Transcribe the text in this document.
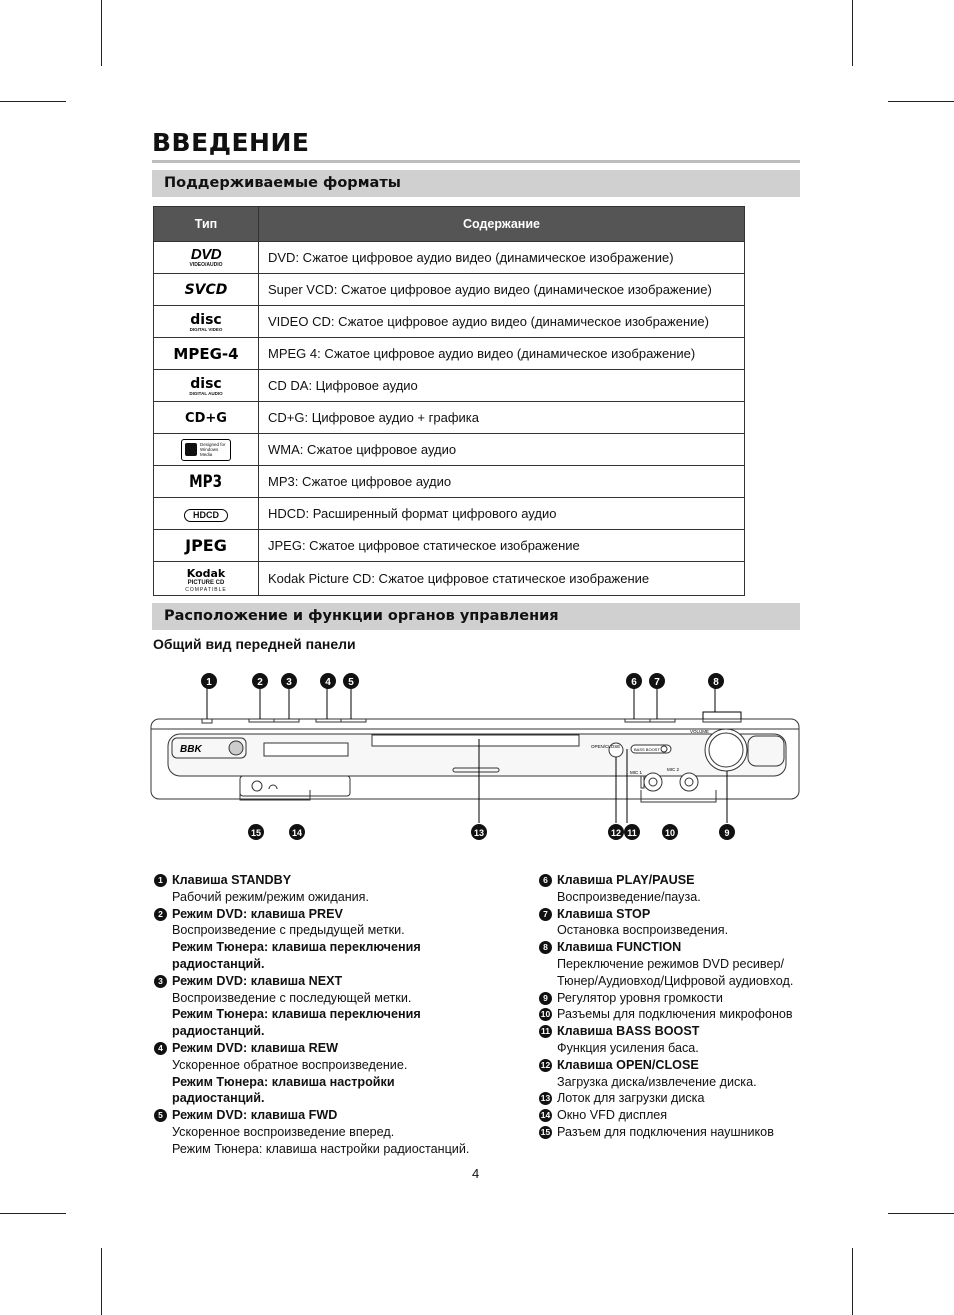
ВВЕДЕНИЕ
Поддерживаемые форматы
Тип	Содержание
DVD
VIDEO/AUDIO	DVD: Сжатое цифровое аудио видео (динамическое изображение)
SVCD	Super VCD: Сжатое цифровое аудио видео (динамическое изображение)
disc
DIGITAL VIDEO	VIDEO CD: Сжатое цифровое аудио видео (динамическое изображение)
MPEG-4	MPEG 4: Сжатое цифровое аудио видео (динамическое изображение)
disc
DIGITAL AUDIO	CD DA: Цифровое аудио
CD+G	CD+G: Цифровое аудио + графика

Designed for Windows Media	WMA: Сжатое цифровое аудио
MP3	MP3: Сжатое цифровое аудио
HDCD	HDCD: Расширенный формат цифрового аудио
JPEG	JPEG: Сжатое цифровое статическое изображение
Kodak
PICTURE CD
COMPATIBLE	Kodak Picture CD: Сжатое цифровое статическое изображение
Расположение и функции органов управления
Общий вид передней панели
BBK	OPEN/CLOSE
BASS BOOST
VOLUME
MIC 1
MIC 2
1	2 3	4 5	6 7	8
15	14	13	12 11	10	9
1 Клавиша STANDBY
Рабочий режим/режим ожидания.
2 Режим DVD: клавиша PREV
Воспроизведение с предыдущей метки.
Режим Тюнера: клавиша переключения
радиостанций.
3 Режим DVD: клавиша NEXT
Воспроизведение с последующей метки.
Режим Тюнера: клавиша переключения
радиостанций.
4 Режим DVD: клавиша REW
Ускоренное обратное воспроизведение.
Режим Тюнера: клавиша настройки
радиостанций.
5 Режим DVD: клавиша FWD
Ускоренное воспроизведение вперед.
Режим Тюнера: клавиша настройки радиостанций.
6 Клавиша PLAY/PAUSE
Воспроизведение/пауза.
7 Клавиша STOP
Остановка воспроизведения.
8 Клавиша FUNCTION
Переключение режимов DVD ресивер/
Тюнер/Аудиовход/Цифровой аудиовход.
9 Регулятор уровня громкости
10 Разъемы для подключения микрофонов
11 Клавиша BASS BOOST
Функция усиления баса.
12 Клавиша OPEN/CLOSE
Загрузка диска/извлечение диска.
13 Лоток для загрузки диска
14 Окно VFD дисплея
15 Разъем для подключения наушников
4
